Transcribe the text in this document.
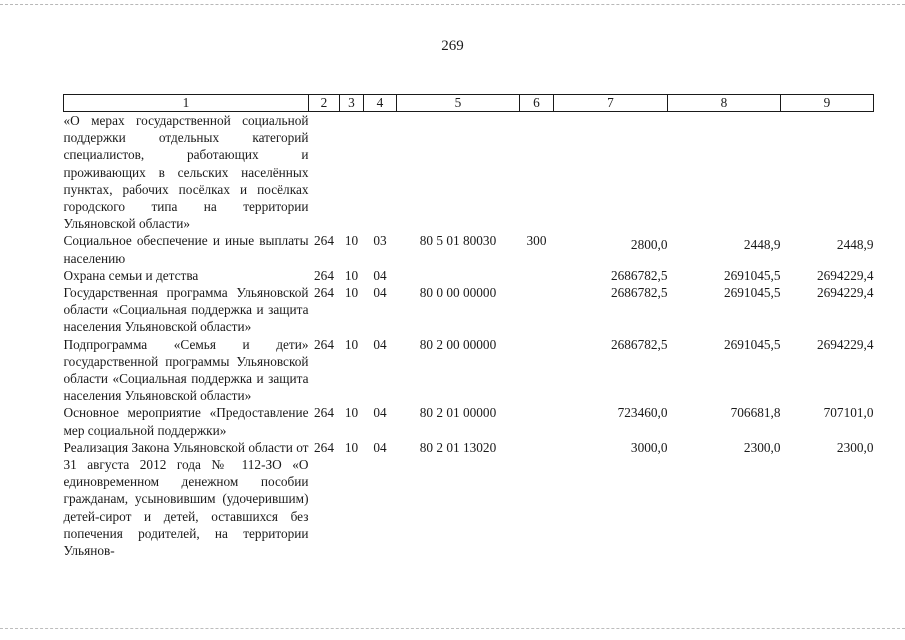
269
1	2	3	4	5	6	7	8	9
«О мерах государственной социальной поддержки отдельных категорий специалистов, работающих и проживающих в сельских населённых пунктах, рабочих посёлках и посёлках городского типа на территории Ульяновской области»								
Социальное обеспечение и иные выплаты населению	264	10	03	80 5 01 80030	300	2800,0	2448,9	2448,9
Охрана семьи и детства	264	10	04			2686782,5	2691045,5	2694229,4
Государственная программа Ульяновской области «Социальная поддержка и защита населения Ульяновской области»	264	10	04	80 0 00 00000		2686782,5	2691045,5	2694229,4
Подпрограмма «Семья и дети» государственной программы Ульяновской области «Социальная поддержка и защита населения Ульяновской области»	264	10	04	80 2 00 00000		2686782,5	2691045,5	2694229,4
Основное мероприятие «Предоставление мер социальной поддержки»	264	10	04	80 2 01 00000		723460,0	706681,8	707101,0
Реализация Закона Ульяновской области от 31 августа 2012 года № 112-ЗО «О единовременном денежном пособии гражданам, усыновившим (удочерившим) детей-сирот и детей, оставшихся без попечения родителей, на территории Ульянов-	264	10	04	80 2 01 13020		3000,0	2300,0	2300,0
